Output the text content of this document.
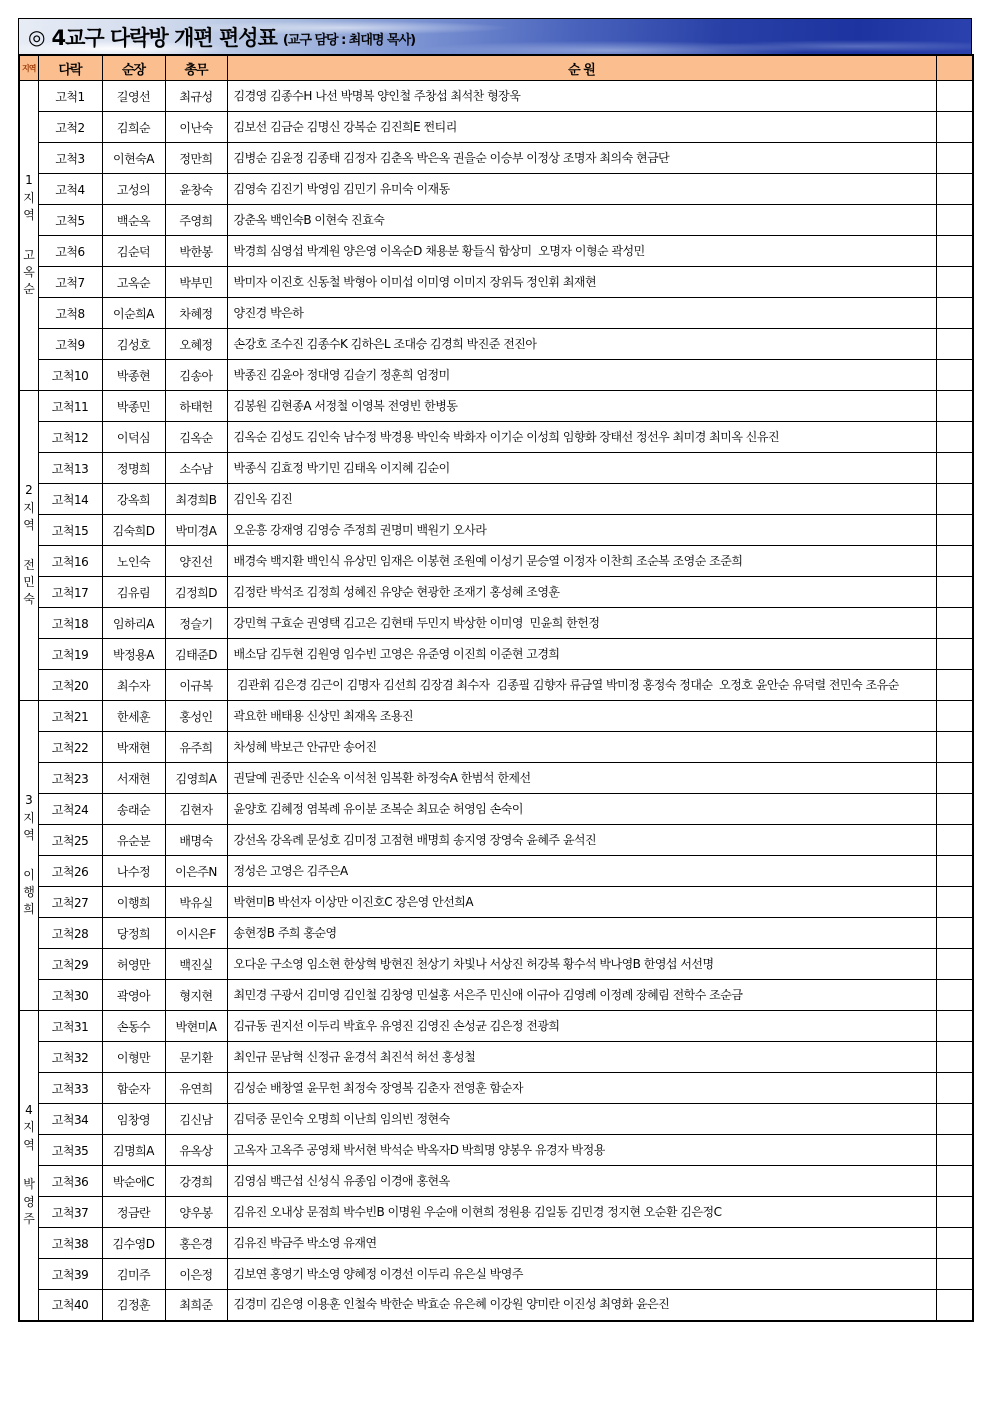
◎ 4교구 다락방 개편 편성표 (교구 담당 : 최대명 목사)
지역	다락	순장	총무	순 원	

1
지
역
고
옥
순
	고척1	길영선	최규성	김경영 김종수H 나선 박명복 양인철 주창섭 최석찬 형장욱	
	고척2	김희순	이난숙	김보선 김금순 김명신 강복순 김진희E 쩐티리	
	고척3	이현숙A	정만희	김병순 김윤정 김종태 김정자 김춘옥 박은옥 권을순 이승부 이정상 조명자 최의숙 현금단	
	고척4	고성의	윤창숙	김영숙 김진기 박영임 김민기 유미숙 이재동	
	고척5	백순옥	주영희	강춘옥 백인숙B 이현숙 진효숙	
	고척6	김순덕	박한봉	박경희 심영섭 박계원 양은영 이옥순D 채용분 황들식 함상미  오명자 이형순 곽성민	
	고척7	고옥순	박부민	박미자 이진호 신동철 박형아 이미섭 이미영 이미지 장위득 정인휘 최재현	
	고척8	이순희A	차혜정	양진경 박은하	
	고척9	김성호	오혜정	손강호 조수진 김종수K 김하은L 조대승 김경희 박진준 전진아	
	고척10	박종현	김송아	박종진 김윤아 정대영 김슬기 정훈희 엄정미	

2
지
역
전
민
숙
	고척11	박종민	하태헌	김봉원 김현종A 서정철 이영복 전영빈 한병동	
	고척12	이덕심	김옥순	김옥순 김성도 김인숙 남수정 박경용 박인숙 박화자 이기순 이성희 임향화 장태선 정선우 최미경 최미옥 신유진	
	고척13	정명희	소수남	박종식 김효정 박기민 김태옥 이지혜 김순이	
	고척14	강옥희	최경희B	김인옥 김진	
	고척15	김숙희D	박미경A	오운흥 강재영 김영승 주정희 권명미 백원기 오사라	
	고척16	노인숙	양진선	배경숙 백지환 백인식 유상민 임재은 이봉현 조원예 이성기 문승열 이정자 이찬희 조순복 조영순 조준희	
	고척17	김유림	김정희D	김정란 박석조 김정희 성혜진 유양순 현광한 조재기 홍성혜 조영훈	
	고척18	임하리A	정슬기	강민혁 구효순 권영택 김고은 김현태 두민지 박상한 이미영  민윤희 한헌정	
	고척19	박정용A	김태준D	배소담 김두현 김원영 임수빈 고영은 유준영 이진희 이준현 고경희	
	고척20	최수자	이규복	김관휘 김은경 김근이 김명자 김선희 김장겸 최수자  김종필 김향자 류금열 박미정 홍정숙 정대순  오정호 윤안순 유덕렬 전민숙 조유순	

3
지
역
이
행
희
	고척21	한세훈	홍성인	곽요한 배태용 신상민 최재옥 조용진	
	고척22	박재현	유주희	차성혜 박보근 안규만 송어진	
	고척23	서재현	김영희A	권달예 권중만 신순옥 이석천 임복환 하정숙A 한범석 한제선	
	고척24	송래순	김현자	윤양호 김혜정 염복례 유이분 조복순 최묘순 허영임 손숙이	
	고척25	유순분	배명숙	강선옥 강옥례 문성호 김미정 고점현 배명희 송지영 장영숙 윤혜주 윤석진	
	고척26	나수정	이은주N	정성은 고영은 김주은A	
	고척27	이행희	박유실	박현미B 박선자 이상만 이진호C 장은영 안선희A	
	고척28	당정희	이시은F	송현정B 주희 홍순영	
	고척29	허영만	백진실	오다운 구소영 임소현 한상혁 방현진 천상기 차빛나 서상진 허강복 황수석 박나영B 한영섭 서선명	
	고척30	곽영아	형지현	최민경 구광서 김미영 김인철 김창영 민설홍 서은주 민신애 이규아 김영례 이정례 장혜림 전학수 조순금	

4
지
역
박
영
주
	고척31	손동수	박현미A	김규동 권지선 이두리 박효우 유영진 김영진 손성균 김은정 전광희	
	고척32	이형만	문기환	최인규 문남혁 신정규 윤경석 최진석 허선 홍성철	
	고척33	함순자	유연희	김성순 배창열 윤무헌 최정숙 장영복 김춘자 전영훈 함순자	
	고척34	임창영	김신남	김덕중 문인숙 오명희 이난희 임의빈 정현숙	
	고척35	김명희A	유옥상	고옥자 고옥주 공영채 박서현 박석순 박옥자D 박희명 양봉우 유경자 박정용	
	고척36	박순애C	강경희	김영심 백근섭 신성식 유종임 이경애 홍현옥	
	고척37	정금란	양우봉	김유진 오내상 문점희 박수빈B 이명원 우순애 이현희 정원용 김일동 김민경 정지현 오순환 김은정C	
	고척38	김수영D	홍은경	김유진 박금주 박소영 유재연	
	고척39	김미주	이은정	김보연 홍영기 박소영 양혜정 이경선 이두리 유은실 박영주	
	고척40	김정훈	최희준	김경미 김은영 이용훈 인철숙 박한순 박효순 유은혜 이강원 양미란 이진성 최영화 윤은진	
